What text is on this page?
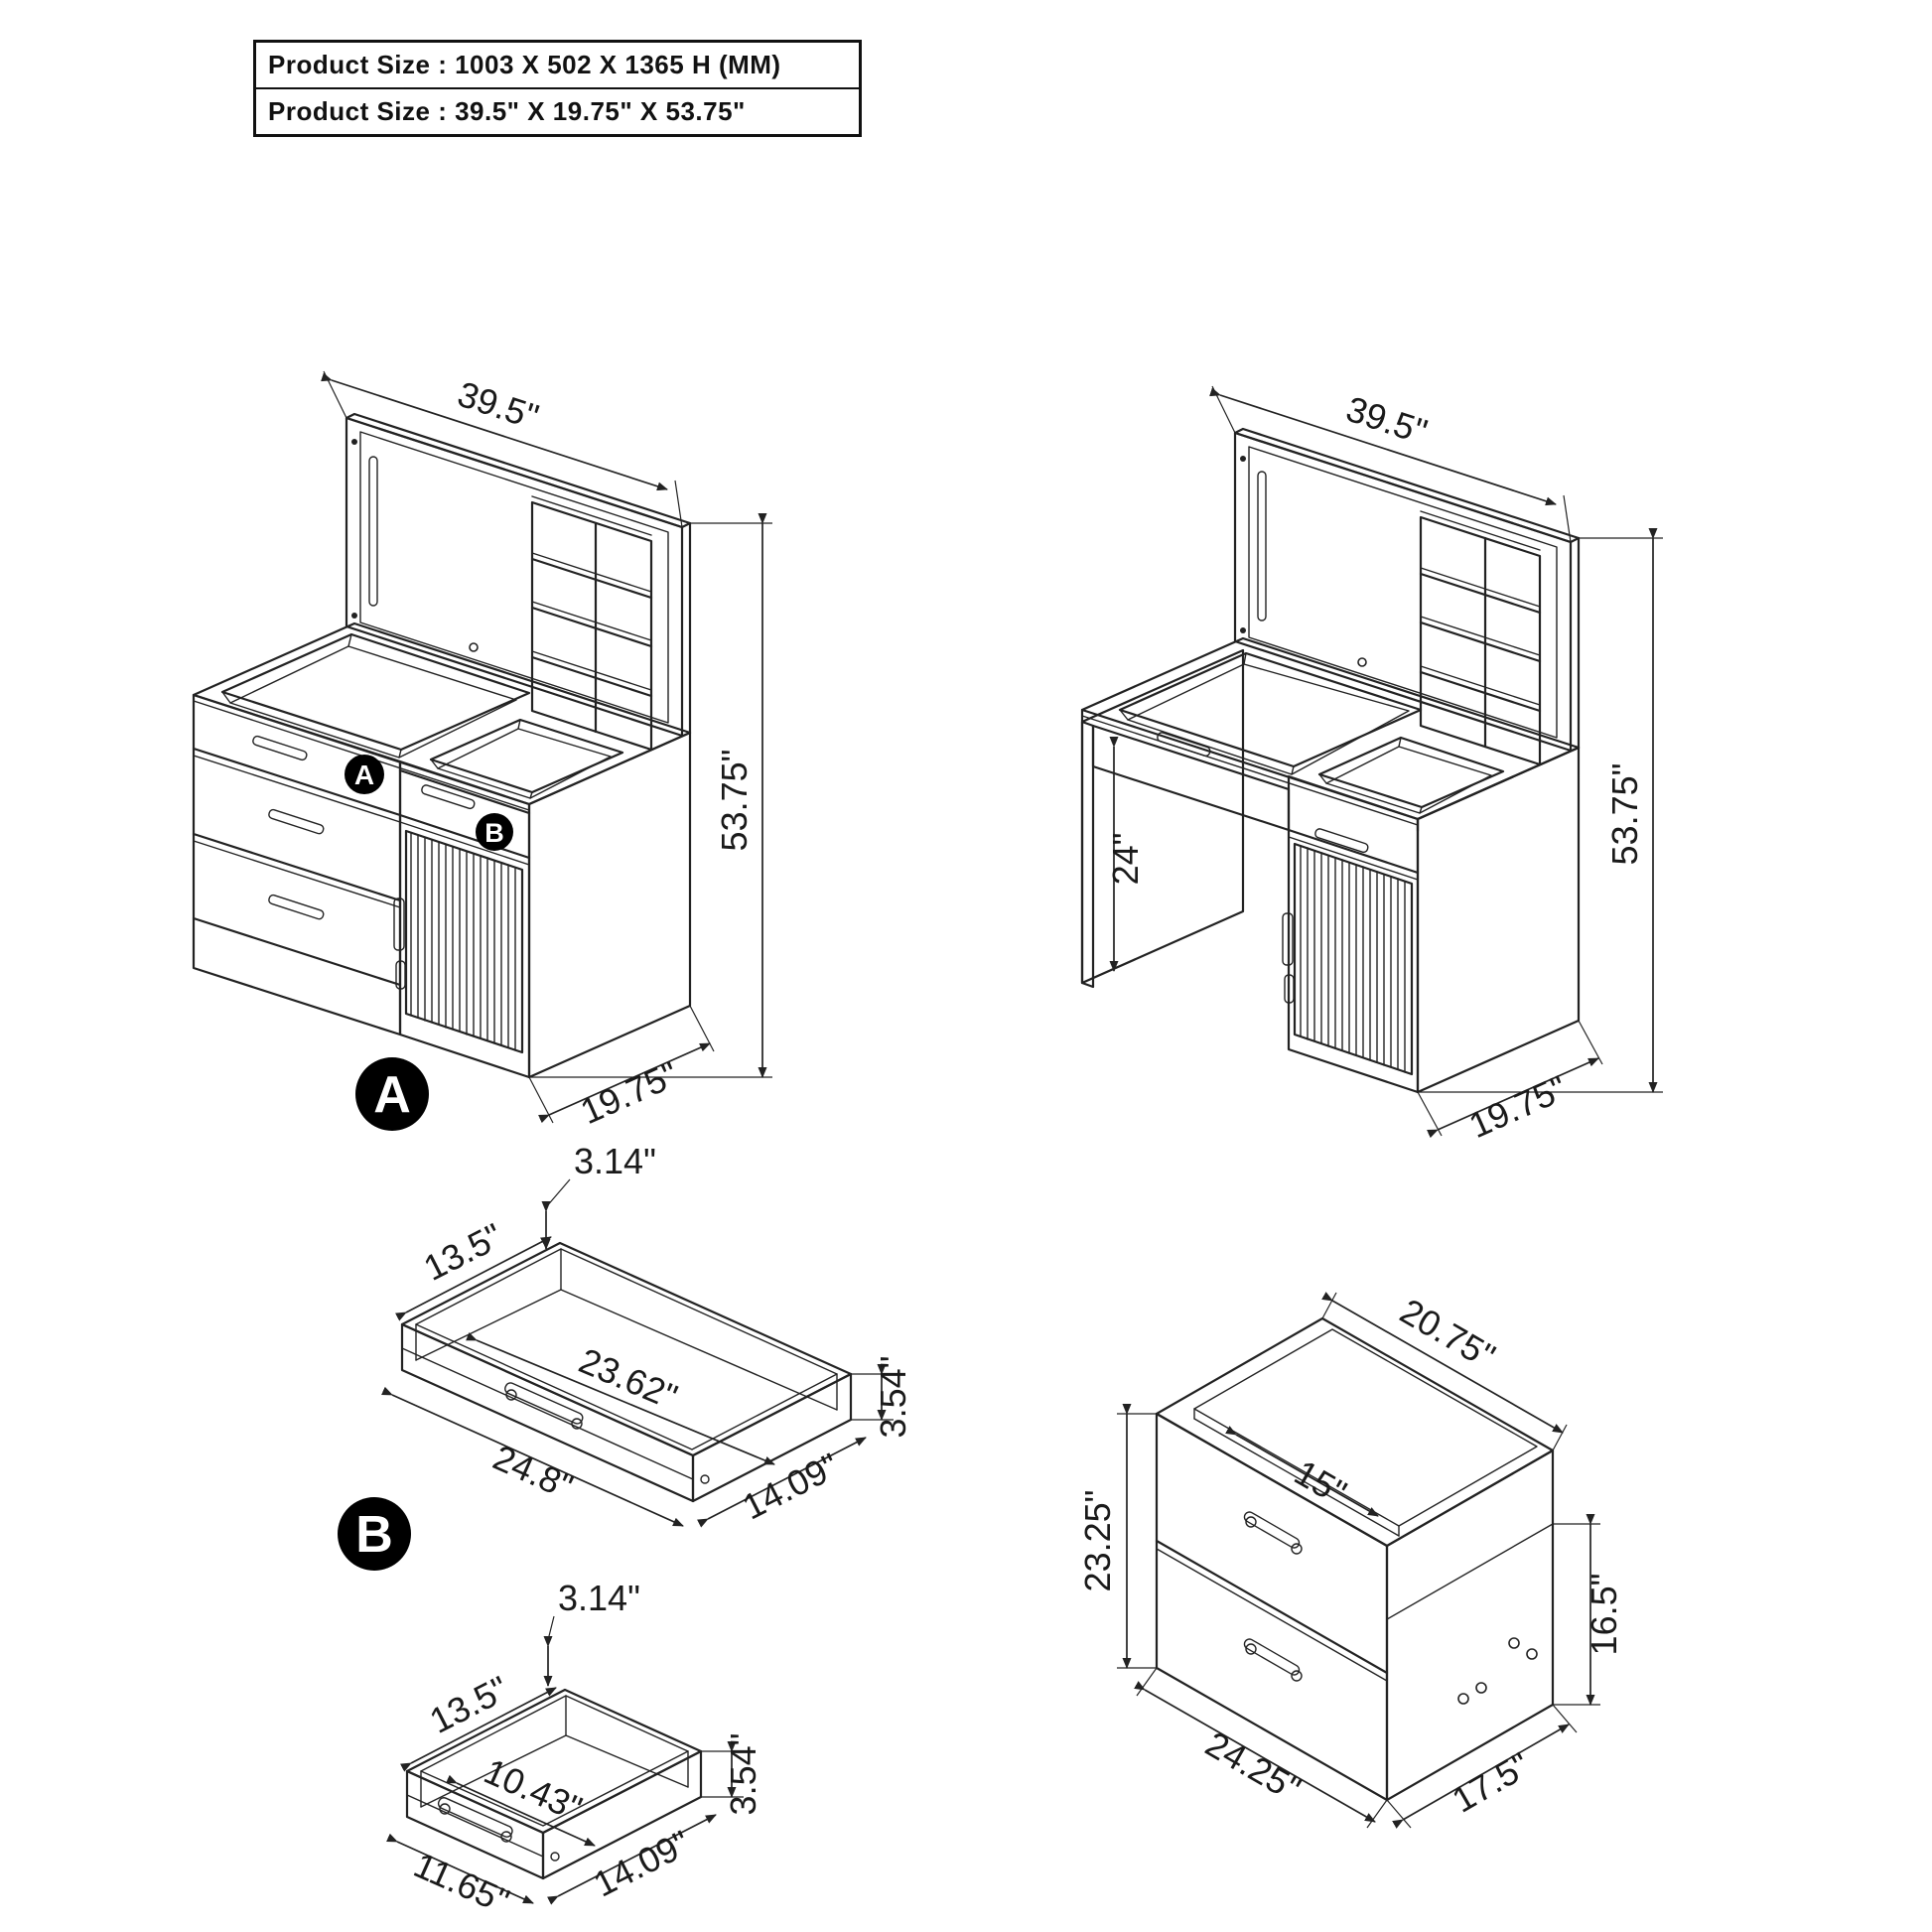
Product Size : 1003 X 502 X 1365 H (MM)
Product Size : 39.5" X 19.75" X 53.75"
A
B
39.5"
53.75"
19.75"
39.5"
24"	53.75"
19.75"
A
3.14"
13.5"
23.62"	3.54"
24.8"	14.09"
B
3.14"
13.5"
10.43"	3.54"
11.65" 14.09"
23.25"
20.75"
15"
16.5"
24.25"	17.5"
